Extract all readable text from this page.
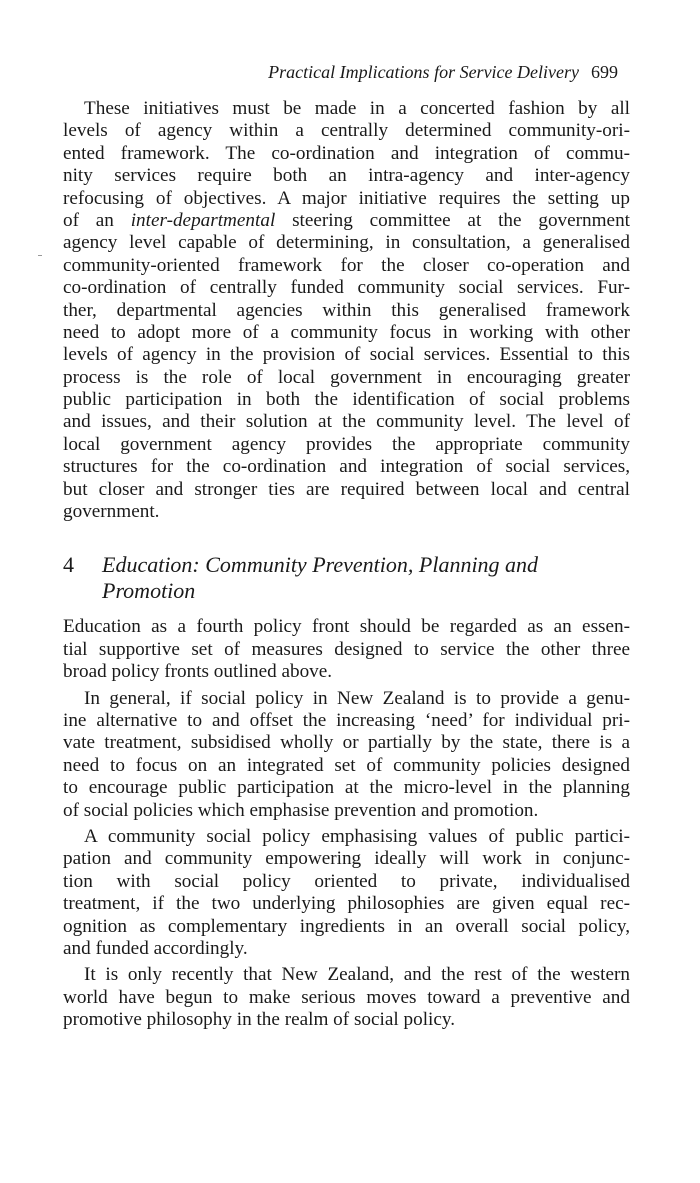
Practical Implications for Service Delivery 699
These initiatives must be made in a concerted fashion by all
levels of agency within a centrally determined community-ori-
ented framework. The co-ordination and integration of commu-
nity services require both an intra-agency and inter-agency
refocusing of objectives. A major initiative requires the setting up
of an inter-departmental steering committee at the government
agency level capable of determining, in consultation, a generalised
community-oriented framework for the closer co-operation and
co-ordination of centrally funded community social services. Fur-
ther, departmental agencies within this generalised framework
need to adopt more of a community focus in working with other
levels of agency in the provision of social services. Essential to this
process is the role of local government in encouraging greater
public participation in both the identification of social problems
and issues, and their solution at the community level. The level of
local government agency provides the appropriate community
structures for the co-ordination and integration of social services,
but closer and stronger ties are required between local and central
government.
4 Education: Community Prevention, Planning and
Promotion
Education as a fourth policy front should be regarded as an essen-
tial supportive set of measures designed to service the other three
broad policy fronts outlined above.
In general, if social policy in New Zealand is to provide a genu-
ine alternative to and offset the increasing ‘need’ for individual pri-
vate treatment, subsidised wholly or partially by the state, there is a
need to focus on an integrated set of community policies designed
to encourage public participation at the micro-level in the planning
of social policies which emphasise prevention and promotion.
A community social policy emphasising values of public partici-
pation and community empowering ideally will work in conjunc-
tion with social policy oriented to private, individualised
treatment, if the two underlying philosophies are given equal rec-
ognition as complementary ingredients in an overall social policy,
and funded accordingly.
It is only recently that New Zealand, and the rest of the western
world have begun to make serious moves toward a preventive and
promotive philosophy in the realm of social policy.
